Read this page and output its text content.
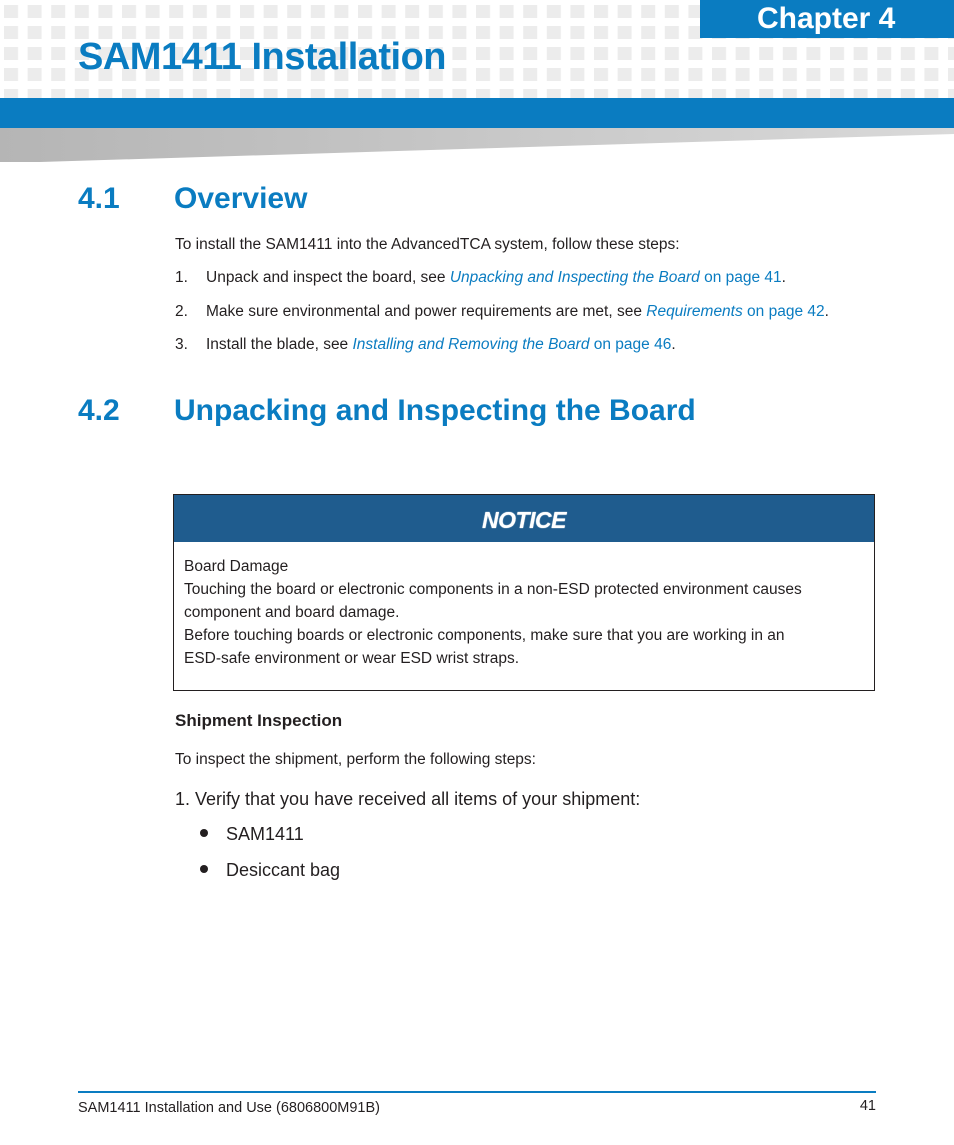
Chapter 4
SAM1411 Installation
4.1 Overview

To install the SAM1411 into the AdvancedTCA system, follow these steps:

1. Unpack and inspect the board, see Unpacking and Inspecting the Board on page 41.
2. Make sure environmental and power requirements are met, see Requirements on page 42.
3. Install the blade, see Installing and Removing the Board on page 46.
4.2 Unpacking and Inspecting the Board
NOTICE
Board Damage
Touching the board or electronic components in a non-ESD protected environment causes
component and board damage.
Before touching boards or electronic components, make sure that you are working in an
ESD-safe environment or wear ESD wrist straps.
Shipment Inspection

To inspect the shipment, perform the following steps:

1. Verify that you have received all items of your shipment:
SAM1411
Desiccant bag
SAM1411 Installation and Use (6806800M91B)	41
